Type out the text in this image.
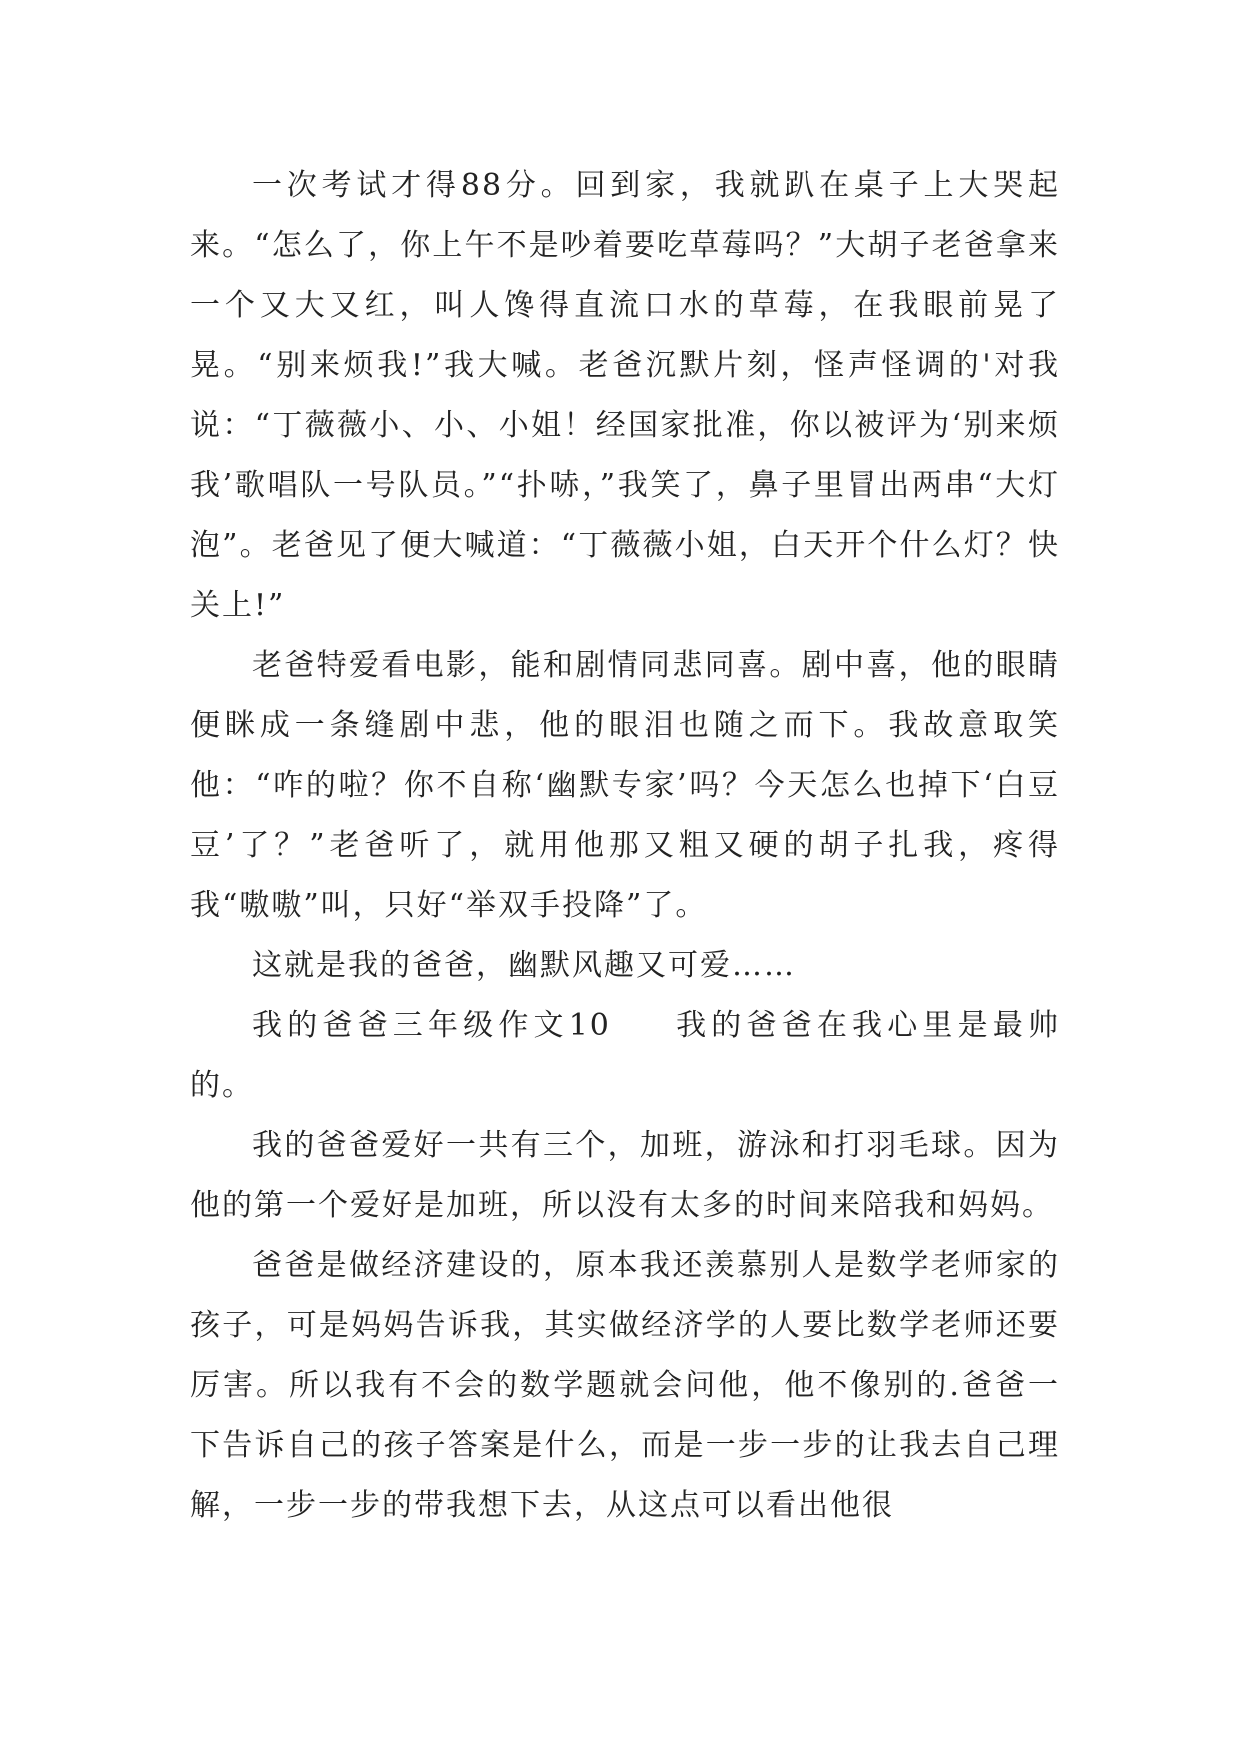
一次考试才得88分。回到家，我就趴在桌子上大哭起来。“怎么了，你上午不是吵着要吃草莓吗？”大胡子老爸拿来一个又大又红，叫人馋得直流口水的草莓，在我眼前晃了晃。“别来烦我!”我大喊。老爸沉默片刻，怪声怪调的'对我说：“丁薇薇小、小、小姐！经国家批准，你以被评为‘别来烦我’歌唱队一号队员。”“扑哧，”我笑了，鼻子里冒出两串“大灯泡”。老爸见了便大喊道：“丁薇薇小姐，白天开个什么灯？快关上!”

老爸特爱看电影，能和剧情同悲同喜。剧中喜，他的眼睛便眯成一条缝剧中悲，他的眼泪也随之而下。我故意取笑他：“咋的啦？你不自称‘幽默专家’吗？今天怎么也掉下‘白豆豆’了？”老爸听了，就用他那又粗又硬的胡子扎我，疼得我“嗷嗷”叫，只好“举双手投降”了。

这就是我的爸爸，幽默风趣又可爱……

我的爸爸三年级作文10 我的爸爸在我心里是最帅的。

我的爸爸爱好一共有三个，加班，游泳和打羽毛球。因为他的第一个爱好是加班，所以没有太多的时间来陪我和妈妈。

爸爸是做经济建设的，原本我还羡慕别人是数学老师家的孩子，可是妈妈告诉我，其实做经济学的人要比数学老师还要厉害。所以我有不会的数学题就会问他，他不像别的.爸爸一下告诉自己的孩子答案是什么，而是一步一步的让我去自己理解，一步一步的带我想下去，从这点可以看出他很
